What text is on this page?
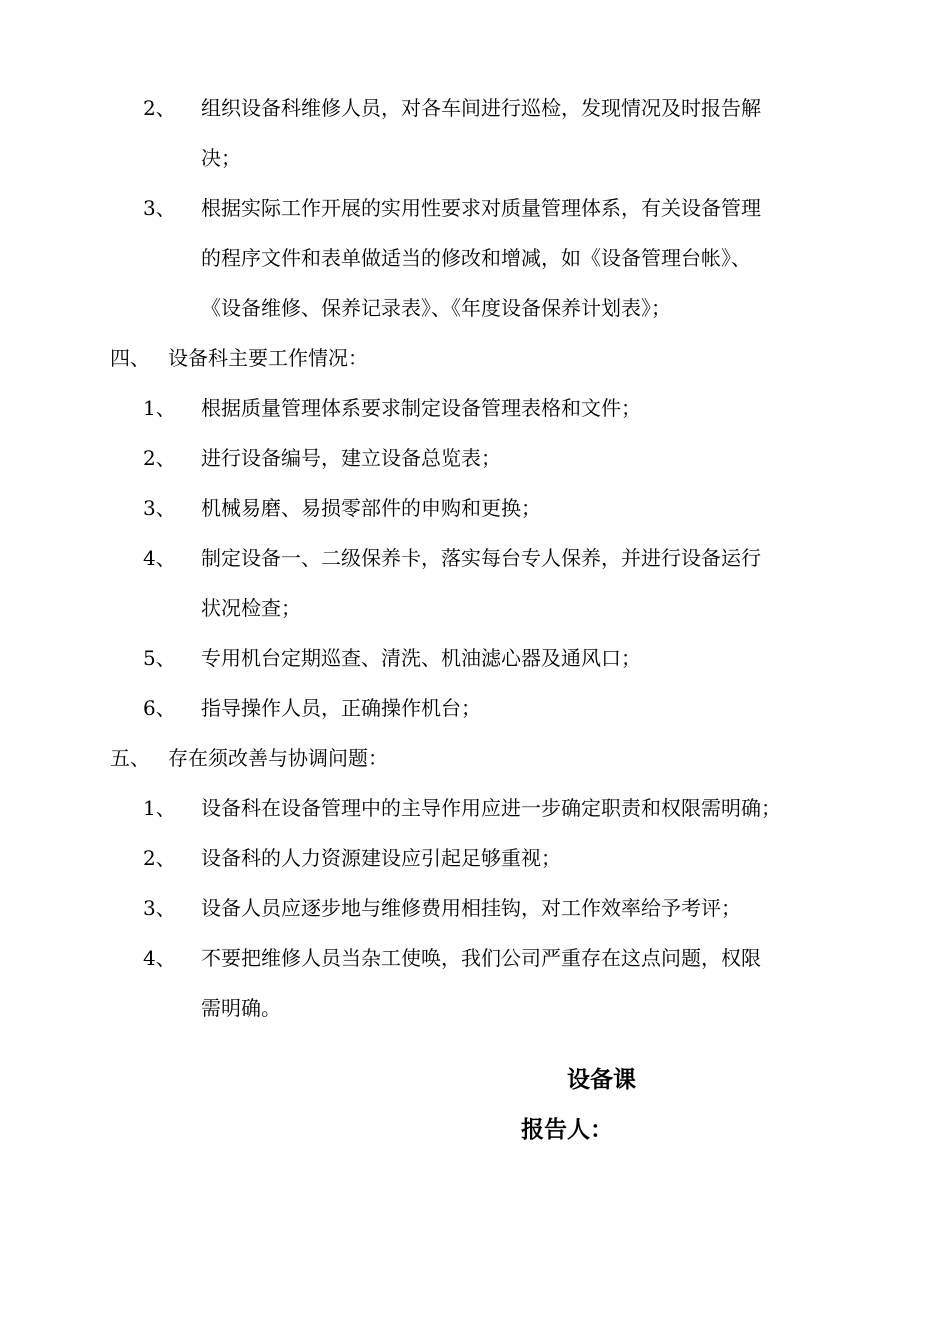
2、 组织设备科维修人员，对各车间进行巡检，发现情况及时报告解
决；
3、 根据实际工作开展的实用性要求对质量管理体系，有关设备管理
的程序文件和表单做适当的修改和增减，如《设备管理台帐》、
《设备维修、保养记录表》、《年度设备保养计划表》；
四、 设备科主要工作情况：
1、 根据质量管理体系要求制定设备管理表格和文件；
2、 进行设备编号，建立设备总览表；
3、 机械易磨、易损零部件的申购和更换；
4、 制定设备一、二级保养卡，落实每台专人保养，并进行设备运行
状况检查；
5、 专用机台定期巡查、清洗、机油滤心器及通风口；
6、 指导操作人员，正确操作机台；
五、 存在须改善与协调问题：
1、 设备科在设备管理中的主导作用应进一步确定职责和权限需明确；
2、 设备科的人力资源建设应引起足够重视；
3、 设备人员应逐步地与维修费用相挂钩，对工作效率给予考评；
4、 不要把维修人员当杂工使唤，我们公司严重存在这点问题，权限
需明确。
设备课
报告人：
